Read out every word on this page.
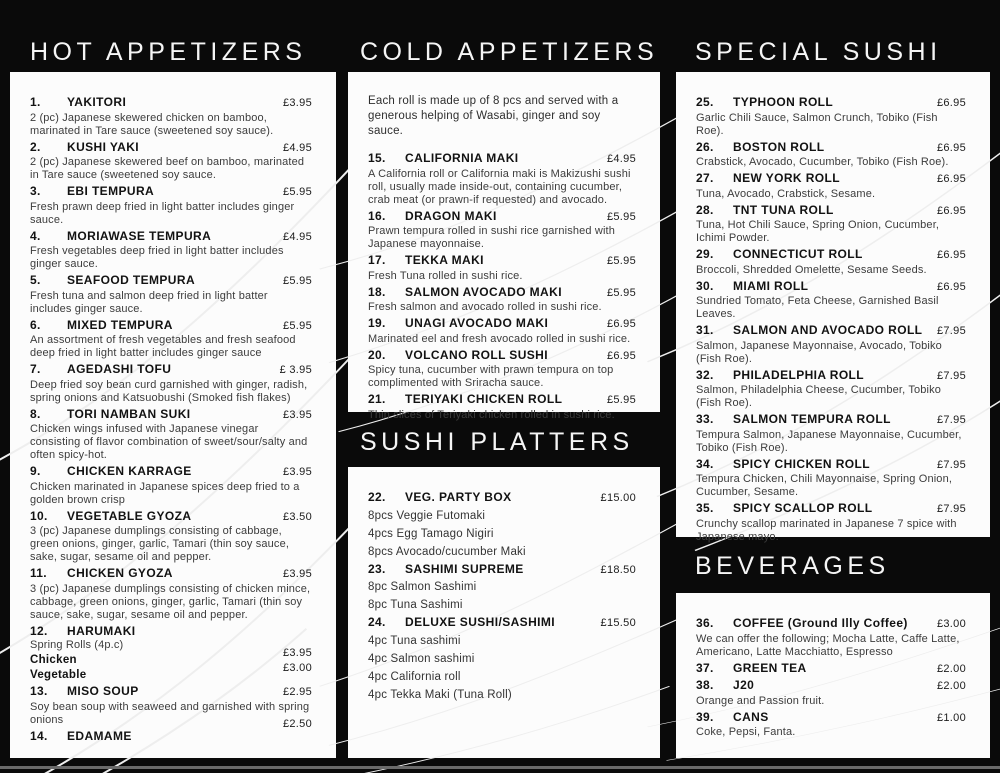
HOT APPETIZERS
1.	YAKITORI	£3.95
2 (pc) Japanese skewered chicken on bamboo, marinated in Tare sauce (sweetened soy sauce).
2.	KUSHI YAKI	£4.95
2 (pc) Japanese skewered beef on bamboo, marinated in Tare sauce (sweetened soy sauce.
3.	EBI TEMPURA	£5.95
Fresh prawn deep fried in light batter includes ginger sauce.
4.	MORIAWASE TEMPURA	£4.95
Fresh vegetables deep fried in light batter includes ginger sauce.
5.	SEAFOOD TEMPURA	£5.95
Fresh tuna and salmon deep fried in light batter includes ginger sauce.
6.	MIXED TEMPURA	£5.95
An assortment of fresh vegetables and fresh seafood deep fried in light batter includes ginger sauce
7.	AGEDASHI TOFU	£ 3.95
Deep fried soy bean curd garnished with ginger, radish, spring onions and Katsuobushi (Smoked fish flakes)
8.	TORI NAMBAN SUKI	£3.95
Chicken wings infused with Japanese vinegar consisting of flavor combination of sweet/sour/salty and often spicy-hot.
9.	CHICKEN KARRAGE	£3.95
Chicken marinated in Japanese spices deep fried to a golden brown crisp
10.	VEGETABLE GYOZA	£3.50
3 (pc) Japanese dumplings consisting of cabbage, green onions, ginger, garlic, Tamari (thin soy sauce, sake, sugar, sesame oil and pepper.
11.	CHICKEN GYOZA	£3.95
3 (pc) Japanese dumplings consisting of chicken mince, cabbage, green onions, ginger, garlic, Tamari (thin soy sauce, sake, sugar, sesame oil and pepper.
12.	HARUMAKI
Spring Rolls (4p.c)
Chicken
£3.95
Vegetable
£3.00
13.	MISO SOUP	£2.95
Soy bean soup with seaweed and garnished with spring onions
14.	EDAMAME
£2.50
COLD APPETIZERS
Each roll is made up of 8 pcs and served with a generous helping of Wasabi, ginger and soy sauce.
15.	CALIFORNIA MAKI	£4.95
A California roll or California maki is Makizushi sushi roll, usually made inside-out, containing cucumber, crab meat (or prawn-if requested) and avocado.
16.	DRAGON MAKI	£5.95
Prawn tempura rolled in sushi rice garnished with Japanese mayonnaise.
17.	TEKKA MAKI	£5.95
Fresh Tuna rolled in sushi rice.
18.	SALMON AVOCADO MAKI	£5.95
Fresh salmon and avocado rolled in sushi rice.
19.	UNAGI AVOCADO MAKI	£6.95
Marinated eel and fresh avocado rolled in sushi rice.
20.	VOLCANO ROLL SUSHI	£6.95
Spicy tuna, cucumber with prawn tempura on top complimented with Sriracha sauce.
21.	TERIYAKI CHICKEN ROLL	£5.95
Thin slices of Teriyaki chicken rolled in sushi rice.
SUSHI PLATTERS
22.	VEG. PARTY BOX	£15.00
8pcs Veggie Futomaki
4pcs Egg Tamago Nigiri
8pcs Avocado/cucumber Maki
23.	SASHIMI SUPREME	£18.50
8pc Salmon Sashimi
8pc Tuna Sashimi
24.	DELUXE SUSHI/SASHIMI	£15.50
4pc Tuna sashimi
4pc Salmon sashimi
4pc California roll
4pc Tekka Maki (Tuna Roll)
SPECIAL SUSHI
25.	TYPHOON ROLL	£6.95
Garlic Chili Sauce, Salmon Crunch, Tobiko (Fish Roe).
26.	BOSTON ROLL	£6.95
Crabstick, Avocado, Cucumber, Tobiko (Fish Roe).
27.	NEW YORK ROLL	£6.95
Tuna, Avocado, Crabstick, Sesame.
28.	TNT TUNA ROLL	£6.95
Tuna, Hot Chili Sauce, Spring Onion, Cucumber, Ichimi Powder.
29.	CONNECTICUT ROLL	£6.95
Broccoli, Shredded Omelette, Sesame Seeds.
30.	MIAMI ROLL	£6.95
Sundried Tomato, Feta Cheese, Garnished Basil Leaves.
31.	SALMON AND AVOCADO ROLL	£7.95
Salmon, Japanese Mayonnaise, Avocado, Tobiko (Fish Roe).
32.	PHILADELPHIA ROLL	£7.95
Salmon, Philadelphia Cheese, Cucumber, Tobiko (Fish Roe).
33.	SALMON TEMPURA ROLL	£7.95
Tempura Salmon, Japanese Mayonnaise, Cucumber, Tobiko (Fish Roe).
34.	SPICY CHICKEN ROLL	£7.95
Tempura Chicken, Chili Mayonnaise, Spring Onion, Cucumber, Sesame.
35.	SPICY SCALLOP ROLL	£7.95
Crunchy scallop marinated in Japanese 7 spice with Japanese mayo.
BEVERAGES
36.	COFFEE (Ground Illy Coffee)	£3.00
We can offer the following; Mocha Latte, Caffe Latte, Americano, Latte Macchiatto, Espresso
37.	GREEN TEA	£2.00
38.	J20	£2.00
Orange and Passion fruit.
39.	CANS	£1.00
Coke, Pepsi, Fanta.
